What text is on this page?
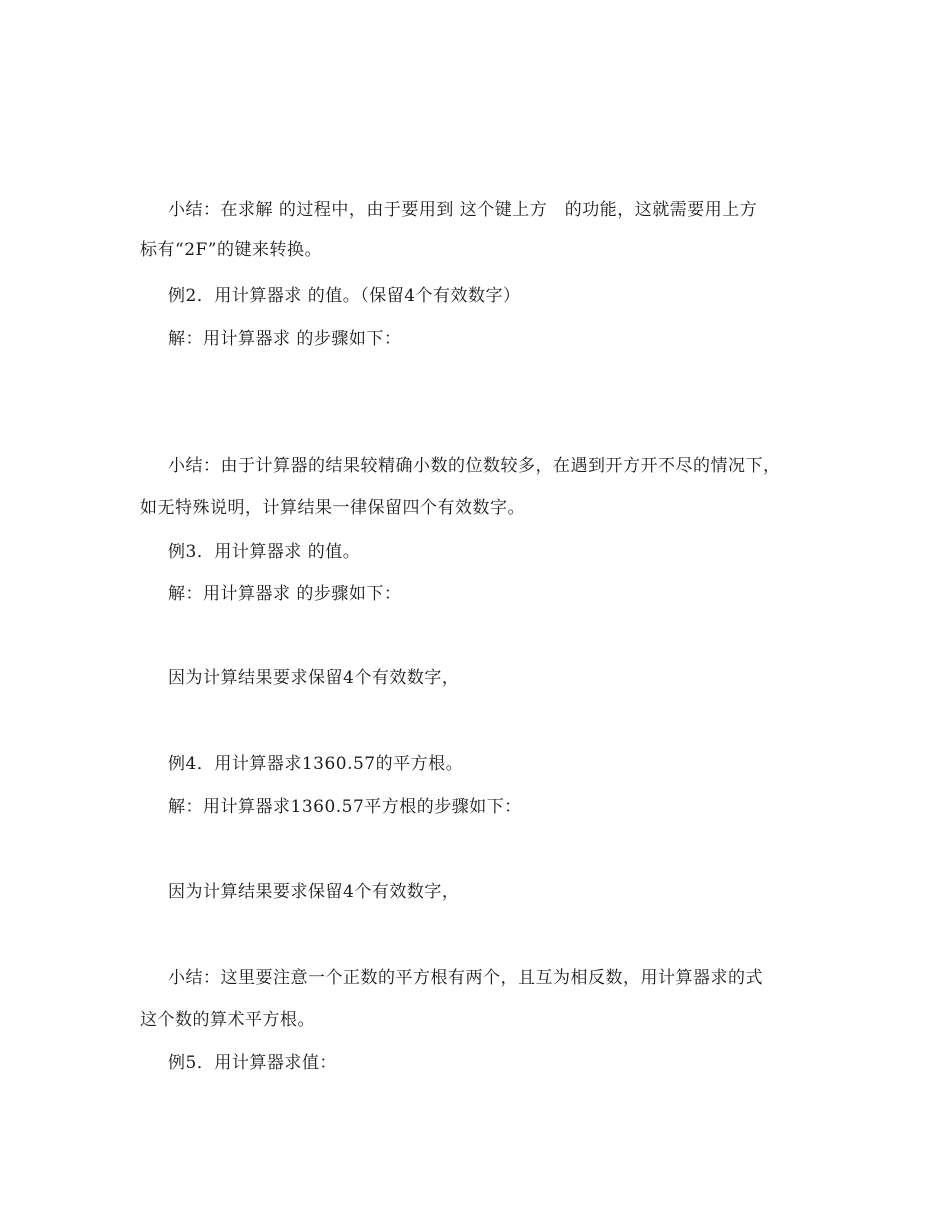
小结：在求解 的过程中，由于要用到 这个键上方　的功能，这就需要用上方
标有“2F”的键来转换。
例2．用计算器求 的值。（保留4个有效数字）
解：用计算器求 的步骤如下：
小结：由于计算器的结果较精确小数的位数较多，在遇到开方开不尽的情况下，
如无特殊说明，计算结果一律保留四个有效数字。
例3．用计算器求 的值。
解：用计算器求 的步骤如下：
因为计算结果要求保留4个有效数字，
例4．用计算器求1360.57的平方根。
解：用计算器求1360.57平方根的步骤如下：
因为计算结果要求保留4个有效数字，
小结：这里要注意一个正数的平方根有两个，且互为相反数，用计算器求的式
这个数的算术平方根。
例5．用计算器求值：
